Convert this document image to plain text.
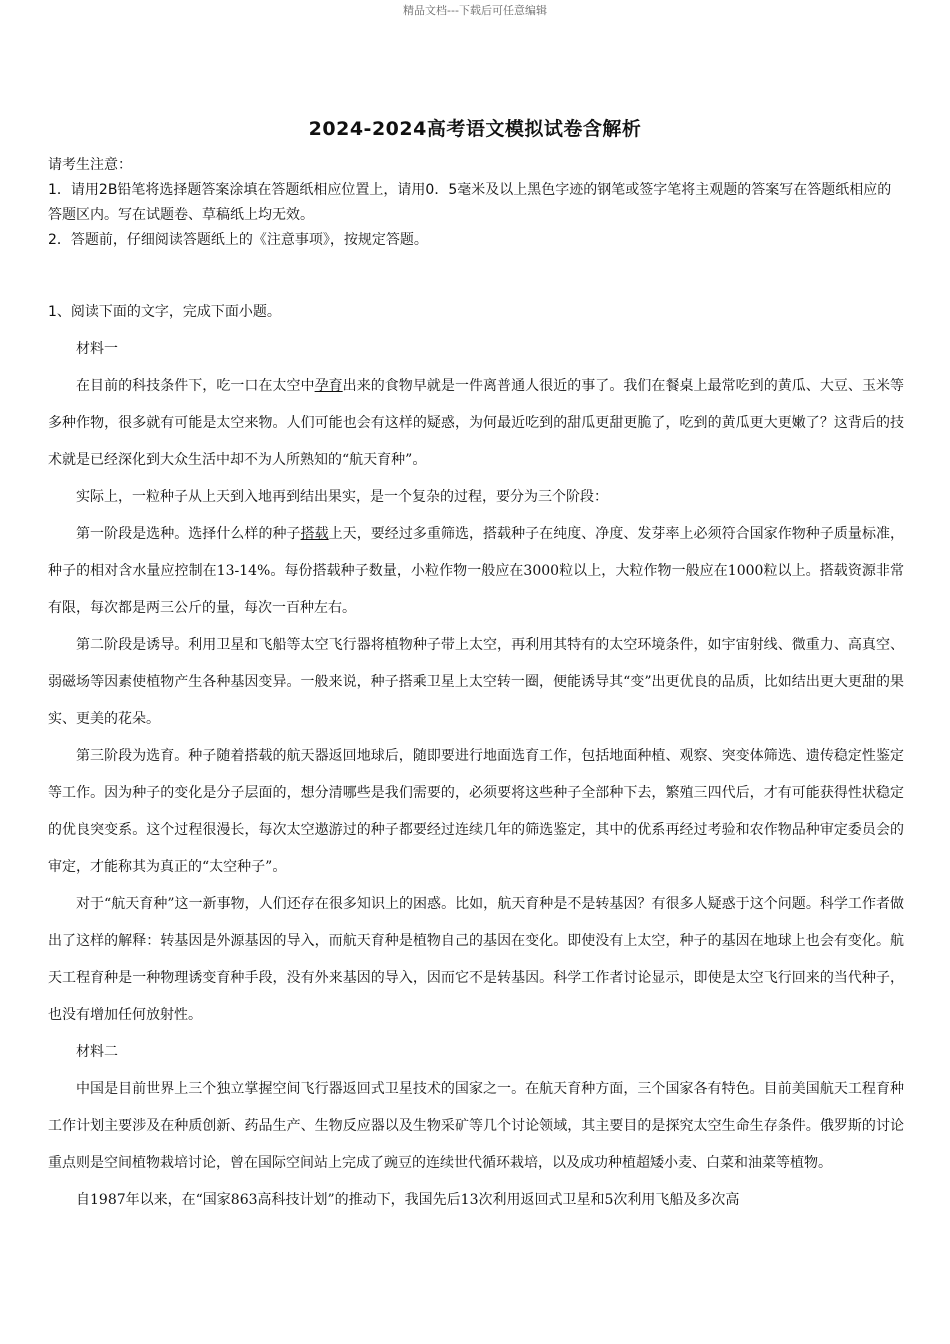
精品文档---下载后可任意编辑
2024-2024高考语文模拟试卷含解析

请考生注意：

1．请用2B铅笔将选择题答案涂填在答题纸相应位置上，请用0．5毫米及以上黑色字迹的钢笔或签字笔将主观题的答案写在答题纸相应的答题区内。写在试题卷、草稿纸上均无效。

2．答题前，仔细阅读答题纸上的《注意事项》，按规定答题。

1、阅读下面的文字，完成下面小题。

材料一

在目前的科技条件下，吃一口在太空中孕育出来的食物早就是一件离普通人很近的事了。我们在餐桌上最常吃到的黄瓜、大豆、玉米等多种作物，很多就有可能是太空来物。人们可能也会有这样的疑惑，为何最近吃到的甜瓜更甜更脆了，吃到的黄瓜更大更嫩了？这背后的技术就是已经深化到大众生活中却不为人所熟知的“航天育种”。

实际上，一粒种子从上天到入地再到结出果实，是一个复杂的过程，要分为三个阶段：

第一阶段是选种。选择什么样的种子搭载上天，要经过多重筛选，搭载种子在纯度、净度、发芽率上必须符合国家作物种子质量标准，种子的相对含水量应控制在13-14%。每份搭载种子数量，小粒作物一般应在3000粒以上，大粒作物一般应在1000粒以上。搭载资源非常有限，每次都是两三公斤的量，每次一百种左右。

第二阶段是诱导。利用卫星和飞船等太空飞行器将植物种子带上太空，再利用其特有的太空环境条件，如宇宙射线、微重力、高真空、弱磁场等因素使植物产生各种基因变异。一般来说，种子搭乘卫星上太空转一圈，便能诱导其“变”出更优良的品质，比如结出更大更甜的果实、更美的花朵。

第三阶段为选育。种子随着搭载的航天器返回地球后，随即要进行地面选育工作，包括地面种植、观察、突变体筛选、遗传稳定性鉴定等工作。因为种子的变化是分子层面的，想分清哪些是我们需要的，必须要将这些种子全部种下去，繁殖三四代后，才有可能获得性状稳定的优良突变系。这个过程很漫长，每次太空遨游过的种子都要经过连续几年的筛选鉴定，其中的优系再经过考验和农作物品种审定委员会的审定，才能称其为真正的“太空种子”。

对于“航天育种”这一新事物，人们还存在很多知识上的困惑。比如，航天育种是不是转基因？有很多人疑惑于这个问题。科学工作者做出了这样的解释：转基因是外源基因的导入，而航天育种是植物自己的基因在变化。即使没有上太空，种子的基因在地球上也会有变化。航天工程育种是一种物理诱变育种手段，没有外来基因的导入，因而它不是转基因。科学工作者讨论显示，即使是太空飞行回来的当代种子，也没有增加任何放射性。

材料二

中国是目前世界上三个独立掌握空间飞行器返回式卫星技术的国家之一。在航天育种方面，三个国家各有特色。目前美国航天工程育种工作计划主要涉及在种质创新、药品生产、生物反应器以及生物采矿等几个讨论领域，其主要目的是探究太空生命生存条件。俄罗斯的讨论重点则是空间植物栽培讨论，曾在国际空间站上完成了豌豆的连续世代循环栽培，以及成功种植超矮小麦、白菜和油菜等植物。

自1987年以来，在“国家863高科技计划”的推动下，我国先后13次利用返回式卫星和5次利用飞船及多次高
